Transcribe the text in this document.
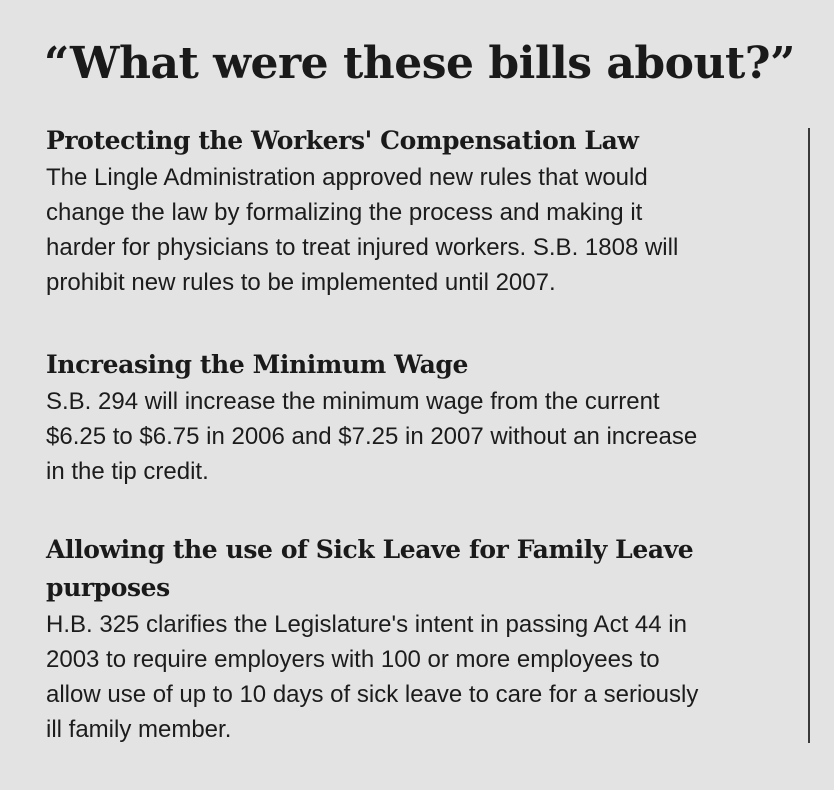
“What were these bills about?”
Protecting the Workers' Compensation Law

The Lingle Administration approved new rules that would
change the law by formalizing the process and making it
harder for physicians to treat injured workers. S.B. 1808 will
prohibit new rules to be implemented until 2007.

Increasing the Minimum Wage

S.B. 294 will increase the minimum wage from the current
$6.25 to $6.75 in 2006 and $7.25 in 2007 without an increase
in the tip credit.

Allowing the use of Sick Leave for Family Leave purposes

H.B. 325 clarifies the Legislature's intent in passing Act 44 in
2003 to require employers with 100 or more employees to
allow use of up to 10 days of sick leave to care for a seriously
ill family member.
